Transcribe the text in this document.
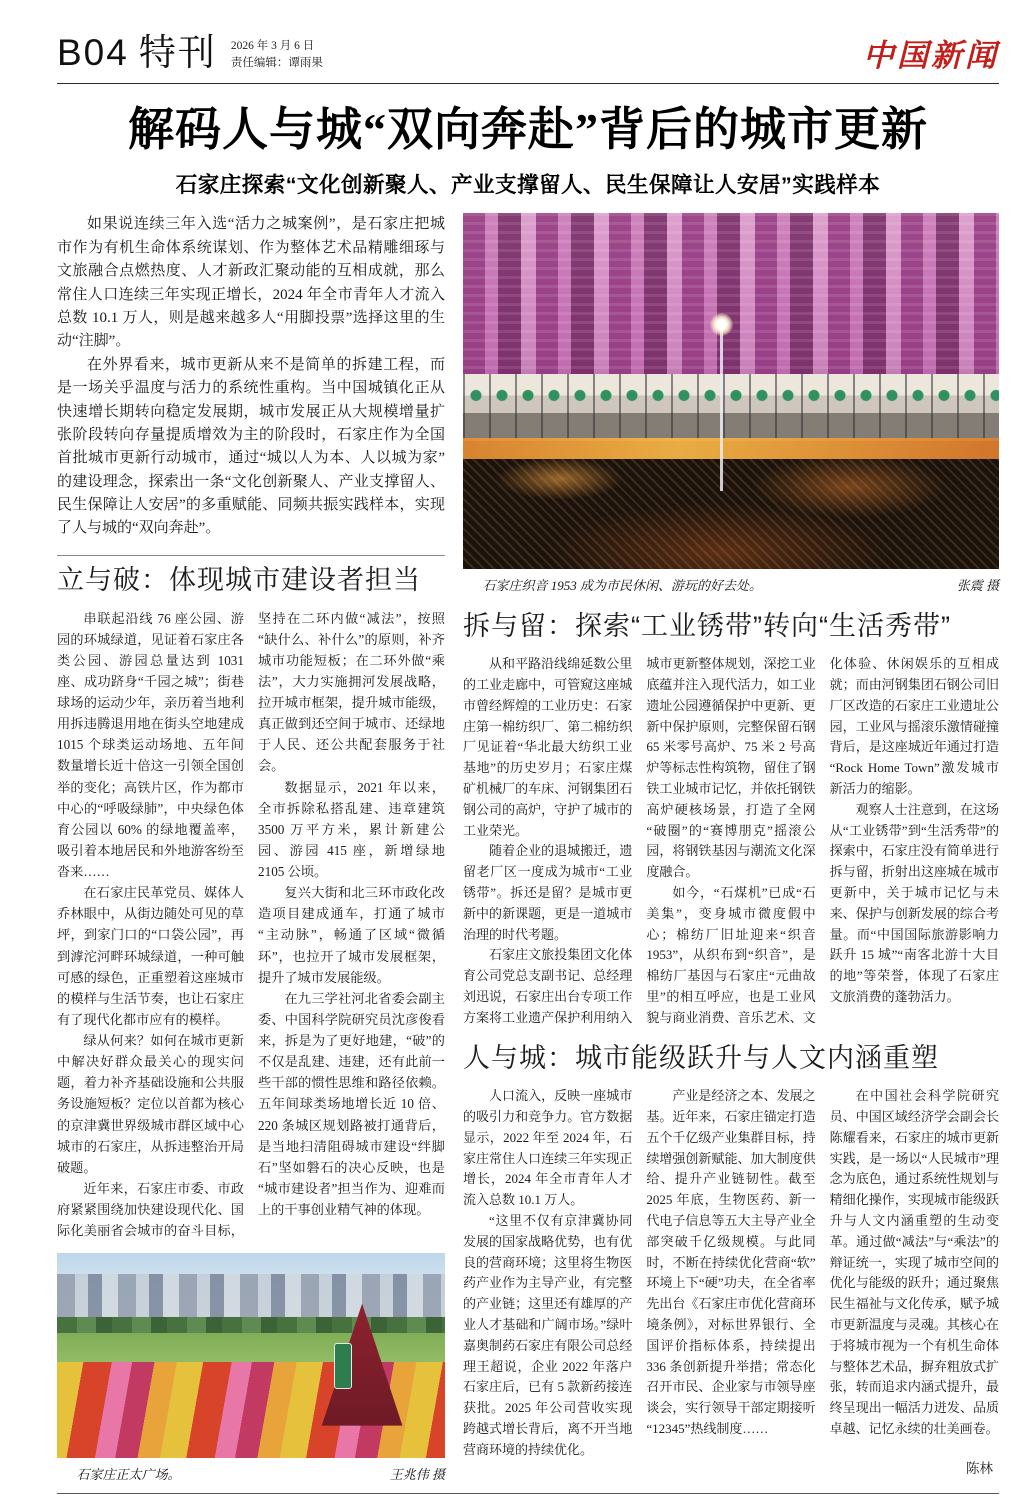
B04 特刊 2026 年 3 月 6 日
责任编辑：谭雨果	中国新闻
解码人与城“双向奔赴”背后的城市更新
石家庄探索“文化创新聚人、产业支撑留人、民生保障让人安居”实践样本

如果说连续三年入选“活力之城案例”，是石家庄把城市作为有机生命体系统谋划、作为整体艺术品精雕细琢与文旅融合点燃热度、人才新政汇聚动能的互相成就，那么常住人口连续三年实现正增长，2024 年全市青年人才流入总数 10.1 万人，则是越来越多人“用脚投票”选择这里的生动“注脚”。

在外界看来，城市更新从来不是简单的拆建工程，而是一场关乎温度与活力的系统性重构。当中国城镇化正从快速增长期转向稳定发展期，城市发展正从大规模增量扩张阶段转向存量提质增效为主的阶段时，石家庄作为全国首批城市更新行动城市，通过“城以人为本、人以城为家”的建设理念，探索出一条“文化创新聚人、产业支撑留人、民生保障让人安居”的多重赋能、同频共振实践样本，实现了人与城的“双向奔赴”。

立与破：体现城市建设者担当

串联起沿线 76 座公园、游园的环城绿道，见证着石家庄各类公园、游园总量达到 1031 座、成功跻身“千园之城”；街巷球场的运动少年，亲历着当地利用拆违腾退用地在街头空地建成 1015 个球类运动场地、五年间数量增长近十倍这一引领全国创举的变化；高铁片区，作为都市中心的“呼吸绿肺”，中央绿色体育公园以 60% 的绿地覆盖率，吸引着本地居民和外地游客纷至沓来……

在石家庄民革党员、媒体人乔林眼中，从街边随处可见的草坪，到家门口的“口袋公园”，再到滹沱河畔环城绿道，一种可触可感的绿色，正重塑着这座城市的模样与生活节奏，也让石家庄有了现代化都市应有的模样。

绿从何来？如何在城市更新中解决好群众最关心的现实问题，着力补齐基础设施和公共服务设施短板？定位以首都为核心的京津冀世界级城市群区域中心城市的石家庄，从拆违整治开局破题。

近年来，石家庄市委、市政府紧紧围绕加快建设现代化、国际化美丽省会城市的奋斗目标，坚持在二环内做“减法”，按照“缺什么、补什么”的原则，补齐城市功能短板；在二环外做“乘法”，大力实施拥河发展战略，拉开城市框架，提升城市能级，真正做到还空间于城市、还绿地于人民、还公共配套服务于社会。

数据显示，2021 年以来，全市拆除私搭乱建、违章建筑 3500 万平方米，累计新建公园、游园 415 座，新增绿地 2105 公顷。

复兴大街和北三环市政化改造项目建成通车，打通了城市“主动脉”，畅通了区域“微循环”，也拉开了城市发展框架，提升了城市发展能级。

在九三学社河北省委会副主委、中国科学院研究员沈彦俊看来，拆是为了更好地建，“破”的不仅是乱建、违建，还有此前一些干部的惯性思维和路径依赖。五年间球类场地增长近 10 倍、220 条城区规划路被打通背后，是当地扫清阻碍城市建设“绊脚石”坚如磐石的决心反映，也是“城市建设者”担当作为、迎难而上的干事创业精气神的体现。

石家庄正太广场。	王兆伟 摄
石家庄织音 1953 成为市民休闲、游玩的好去处。	张震 摄
拆与留：探索“工业锈带”转向“生活秀带”

从和平路沿线绵延数公里的工业走廊中，可管窥这座城市曾经辉煌的工业历史：石家庄第一棉纺织厂、第二棉纺织厂见证着“华北最大纺织工业基地”的历史岁月；石家庄煤矿机械厂的车床、河钢集团石钢公司的高炉，守护了城市的工业荣光。

随着企业的退城搬迁，遗留老厂区一度成为城市“工业锈带”。拆还是留？是城市更新中的新课题，更是一道城市治理的时代考题。

石家庄文旅投集团文化体育公司党总支副书记、总经理刘迅说，石家庄出台专项工作方案将工业遗产保护利用纳入城市更新整体规划，深挖工业底蕴并注入现代活力，如工业遗址公园遵循保护中更新、更新中保护原则，完整保留石钢 65 米零号高炉、75 米 2 号高炉等标志性构筑物，留住了钢铁工业城市记忆，并依托钢铁高炉硬核场景，打造了全网“破圈”的“赛博朋克”摇滚公园，将钢铁基因与潮流文化深度融合。

如今，“石煤机”已成“石美集”，变身城市微度假中心；棉纺厂旧址迎来“织音 1953”，从织布到“织音”，是棉纺厂基因与石家庄“元曲故里”的相互呼应，也是工业风貌与商业消费、音乐艺术、文化体验、休闲娱乐的互相成就；而由河钢集团石钢公司旧厂区改造的石家庄工业遗址公园，工业风与摇滚乐激情碰撞背后，是这座城近年通过打造“Rock Home Town”激发城市新活力的缩影。

观察人士注意到，在这场从“工业锈带”到“生活秀带”的探索中，石家庄没有简单进行拆与留，折射出这座城在城市更新中，关于城市记忆与未来、保护与创新发展的综合考量。而“中国国际旅游影响力跃升 15 城”“南客北游十大目的地”等荣誉，体现了石家庄文旅消费的蓬勃活力。

人与城：城市能级跃升与人文内涵重塑

人口流入，反映一座城市的吸引力和竞争力。官方数据显示，2022 年至 2024 年，石家庄常住人口连续三年实现正增长，2024 年全市青年人才流入总数 10.1 万人。

“这里不仅有京津冀协同发展的国家战略优势，也有优良的营商环境；这里将生物医药产业作为主导产业，有完整的产业链；这里还有雄厚的产业人才基础和广阔市场。”绿叶嘉奥制药石家庄有限公司总经理王超说，企业 2022 年落户石家庄后，已有 5 款新药接连获批。2025 年公司营收实现跨越式增长背后，离不开当地营商环境的持续优化。

产业是经济之本、发展之基。近年来，石家庄锚定打造五个千亿级产业集群目标，持续增强创新赋能、加大制度供给、提升产业链韧性。截至 2025 年底，生物医药、新一代电子信息等五大主导产业全部突破千亿级规模。与此同时，不断在持续优化营商“软”环境上下“硬”功夫，在全省率先出台《石家庄市优化营商环境条例》，对标世界银行、全国评价指标体系，持续提出 336 条创新提升举措；常态化召开市民、企业家与市领导座谈会，实行领导干部定期接听“12345”热线制度……

在中国社会科学院研究员、中国区域经济学会副会长陈耀看来，石家庄的城市更新实践，是一场以“人民城市”理念为底色，通过系统性规划与精细化操作，实现城市能级跃升与人文内涵重塑的生动变革。通过做“减法”与“乘法”的辩证统一，实现了城市空间的优化与能级的跃升；通过聚焦民生福祉与文化传承，赋予城市更新温度与灵魂。其核心在于将城市视为一个有机生命体与整体艺术品，摒弃粗放式扩张，转而追求内涵式提升，最终呈现出一幅活力迸发、品质卓越、记忆永续的壮美画卷。

陈林
